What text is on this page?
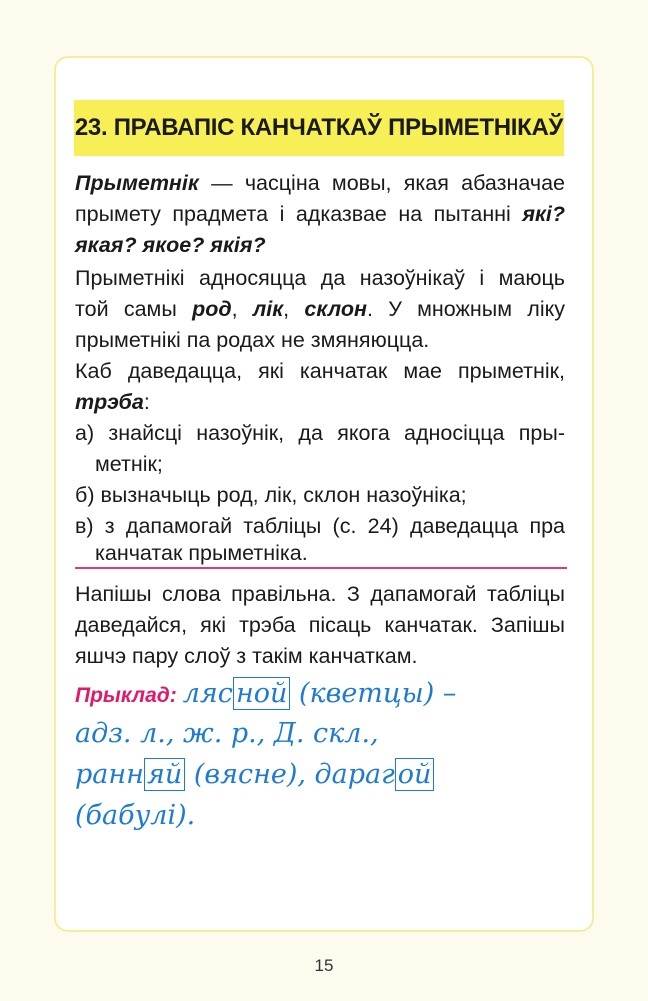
23. ПРАВАПІС КАНЧАТКАЎ ПРЫМЕТНІКАЎ
Прыметнік — часціна мовы, якая абазначае
прымету прадмета і адказвае на пытанні які?
якая? якое? якія?
Прыметнікі адносяцца да назоўнікаў і маюць
той самы род, лік, склон. У множным ліку
прыметнікі па родах не змяняюцца.
Каб даведацца, які канчатак мае прыметнік,
трэба:
а) знайсці назоўнік, да якога адносіцца пры-
метнік;
б) вызначыць род, лік, склон назоўніка;
в) з дапамогай табліцы (с. 24) даведацца пра
канчатак прыметніка.
Напішы слова правільна. З дапамогай табліцы
даведайся, які трэба пісаць канчатак. Запішы
яшчэ пару слоў з такім канчаткам.
Прыклад: ляс ной (кветцы) –
адз. л., ж. р., Д. скл.,
ранн яй (вясне), дараг ой
(бабулі).
15
